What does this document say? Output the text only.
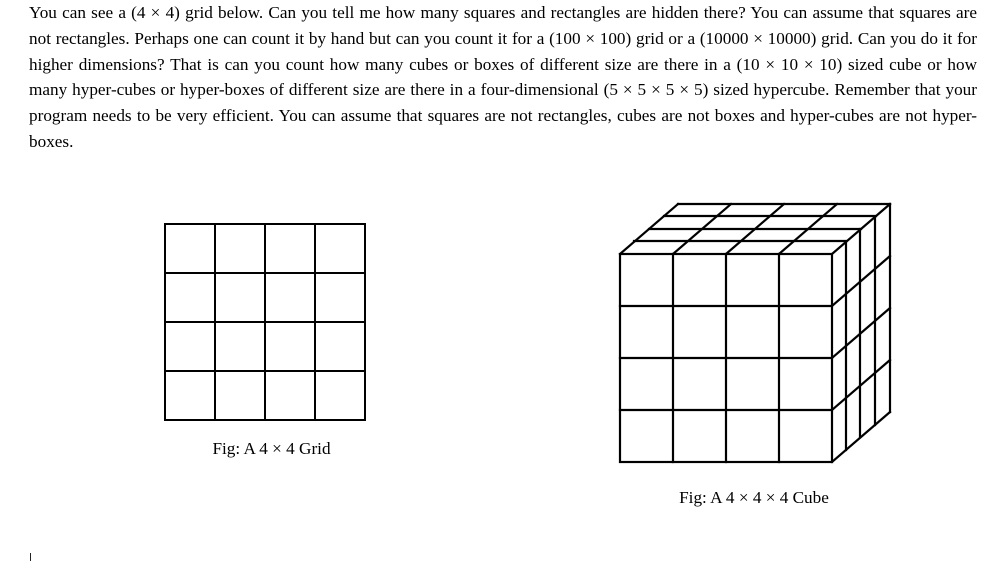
You can see a (4 × 4) grid below. Can you tell me how many squares and rectangles are hidden there? You can assume that squares are not rectangles. Perhaps one can count it by hand but can you count it for a (100 × 100) grid or a (10000 × 10000) grid. Can you do it for higher dimensions? That is can you count how many cubes or boxes of different size are there in a (10 × 10 × 10) sized cube or how many hyper-cubes or hyper-boxes of different size are there in a four-dimensional (5 × 5 × 5 × 5) sized hypercube. Remember that your program needs to be very efficient. You can assume that squares are not rectangles, cubes are not boxes and hyper-cubes are not hyper-boxes.

Fig: A 4 × 4 Grid
Fig: A 4 × 4 × 4 Cube
